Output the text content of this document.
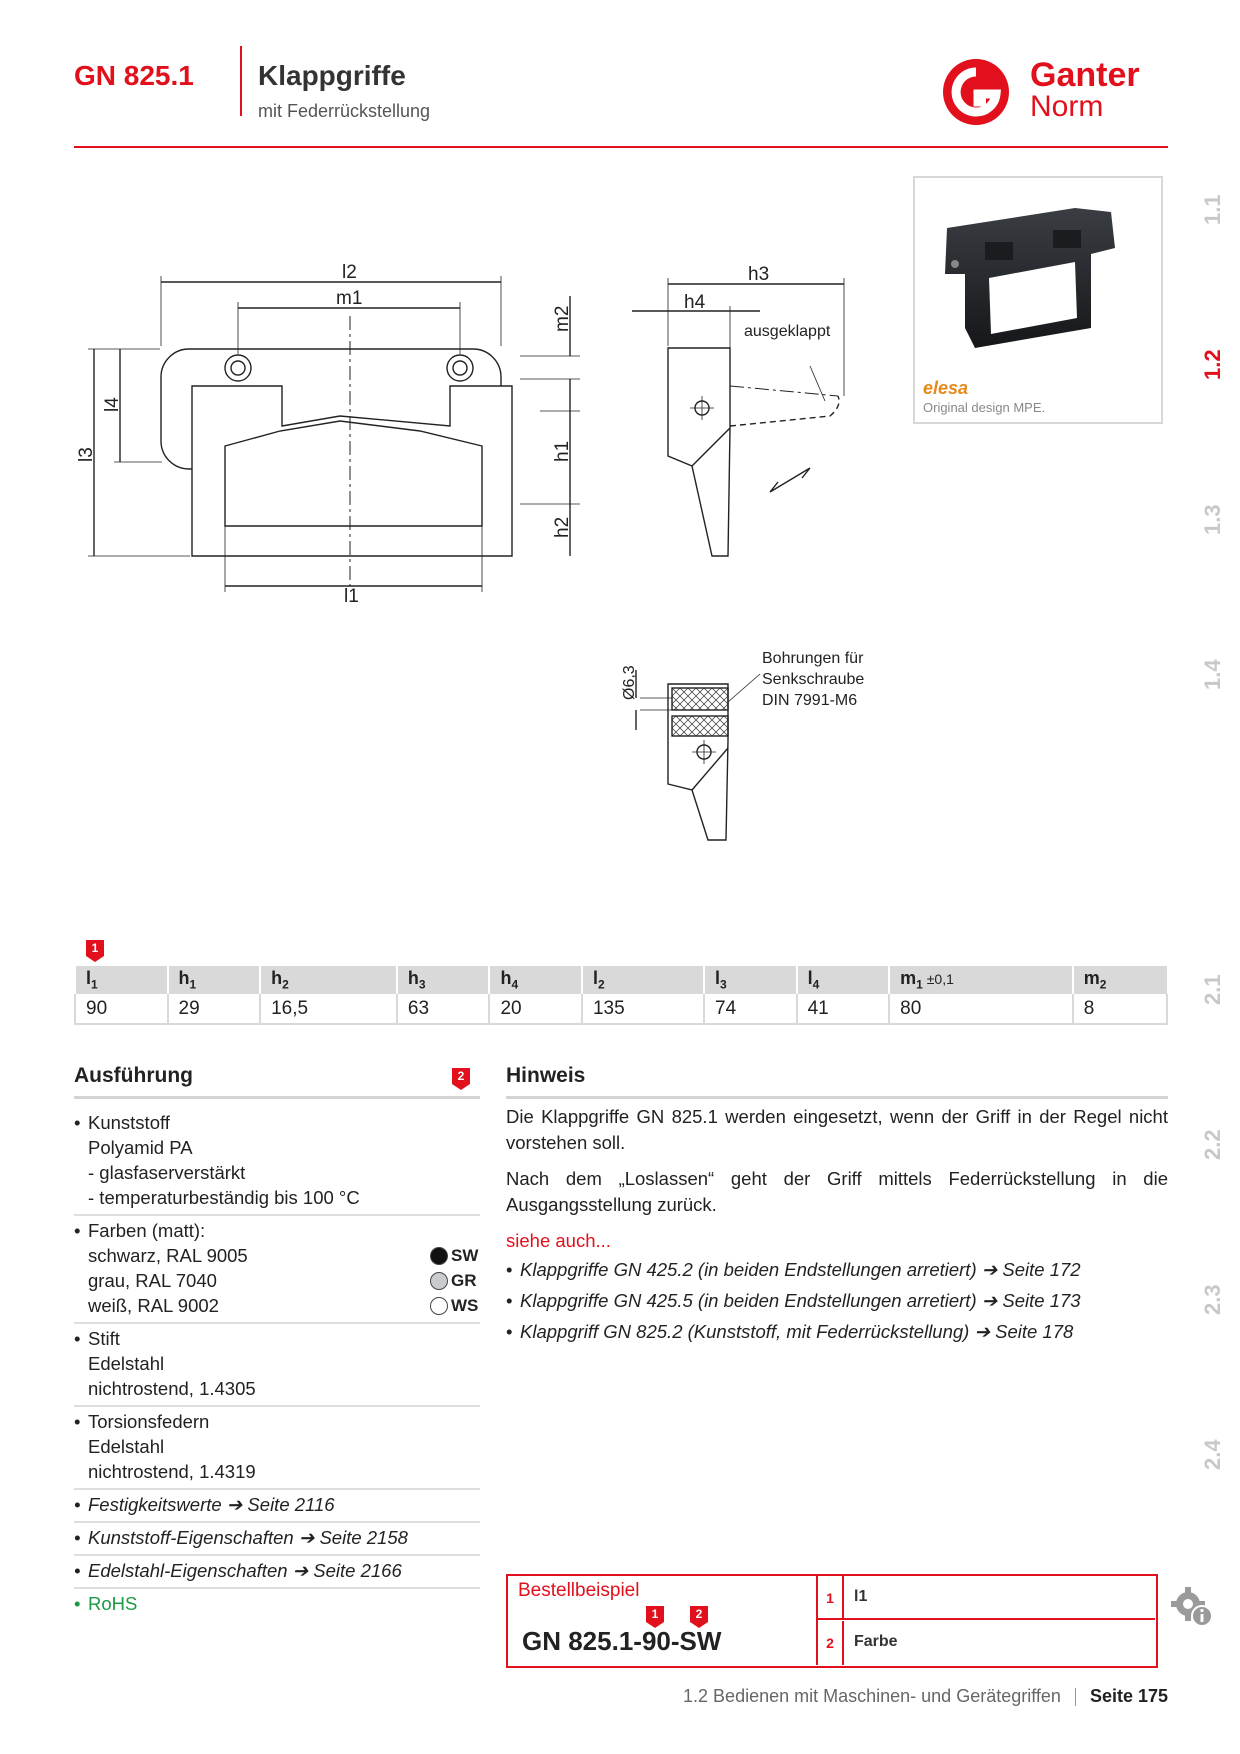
GN 825.1 Klappgriffe
mit Federrückstellung
Ganter
Norm
1.1
1.2
1.3
1.4
2.1
2.2
2.3
2.4
elesa
Original design MPE.
l2
m1
l3
l4
m2
h1
h2
l1
h3
h4
ausgeklappt
Ø6,3
Bohrungen für
Senkschraube
DIN 7991-M6
1
$l_1$	$h_1$	$h_2$	$h_3$	$h_4$	$l_2$	$l_3$	$l_4$	$m_1 \pm 0,1$	$m_2$
90	29	16,5	63	20	135	74	41	80	8
Ausführung	2
• Kunststoff
Polyamid PA
- glasfaserverstärkt
- temperaturbeständig bis 100 °C
• Farben (matt):
schwarz, RAL 9005	SW
grau, RAL 7040	GR
weiß, RAL 9002	WS
• Stift
Edelstahl
nichtrostend, 1.4305
• Torsionsfedern
Edelstahl
nichtrostend, 1.4319
• Festigkeitswerte ➔ Seite 2116
• Kunststoff-Eigenschaften ➔ Seite 2158
• Edelstahl-Eigenschaften ➔ Seite 2166
• RoHS
Hinweis

Die Klappgriffe GN 825.1 werden eingesetzt, wenn der Griff in der Regel nicht vorstehen soll.

Nach dem „Loslassen“ geht der Griff mittels Federrückstellung in die Ausgangsstellung zurück.

siehe auch...
• Klappgriffe GN 425.2 (in beiden Endstellungen arretiert) ➔ Seite 172
• Klappgriffe GN 425.5 (in beiden Endstellungen arretiert) ➔ Seite 173
• Klappgriff GN 825.2 (Kunststoff, mit Federrückstellung) ➔ Seite 178
Bestellbeispiel
1	2
GN 825.1-90-SW
1	l1
2	Farbe
1.2 Bedienen mit Maschinen- und Gerätegriffen Seite 175
